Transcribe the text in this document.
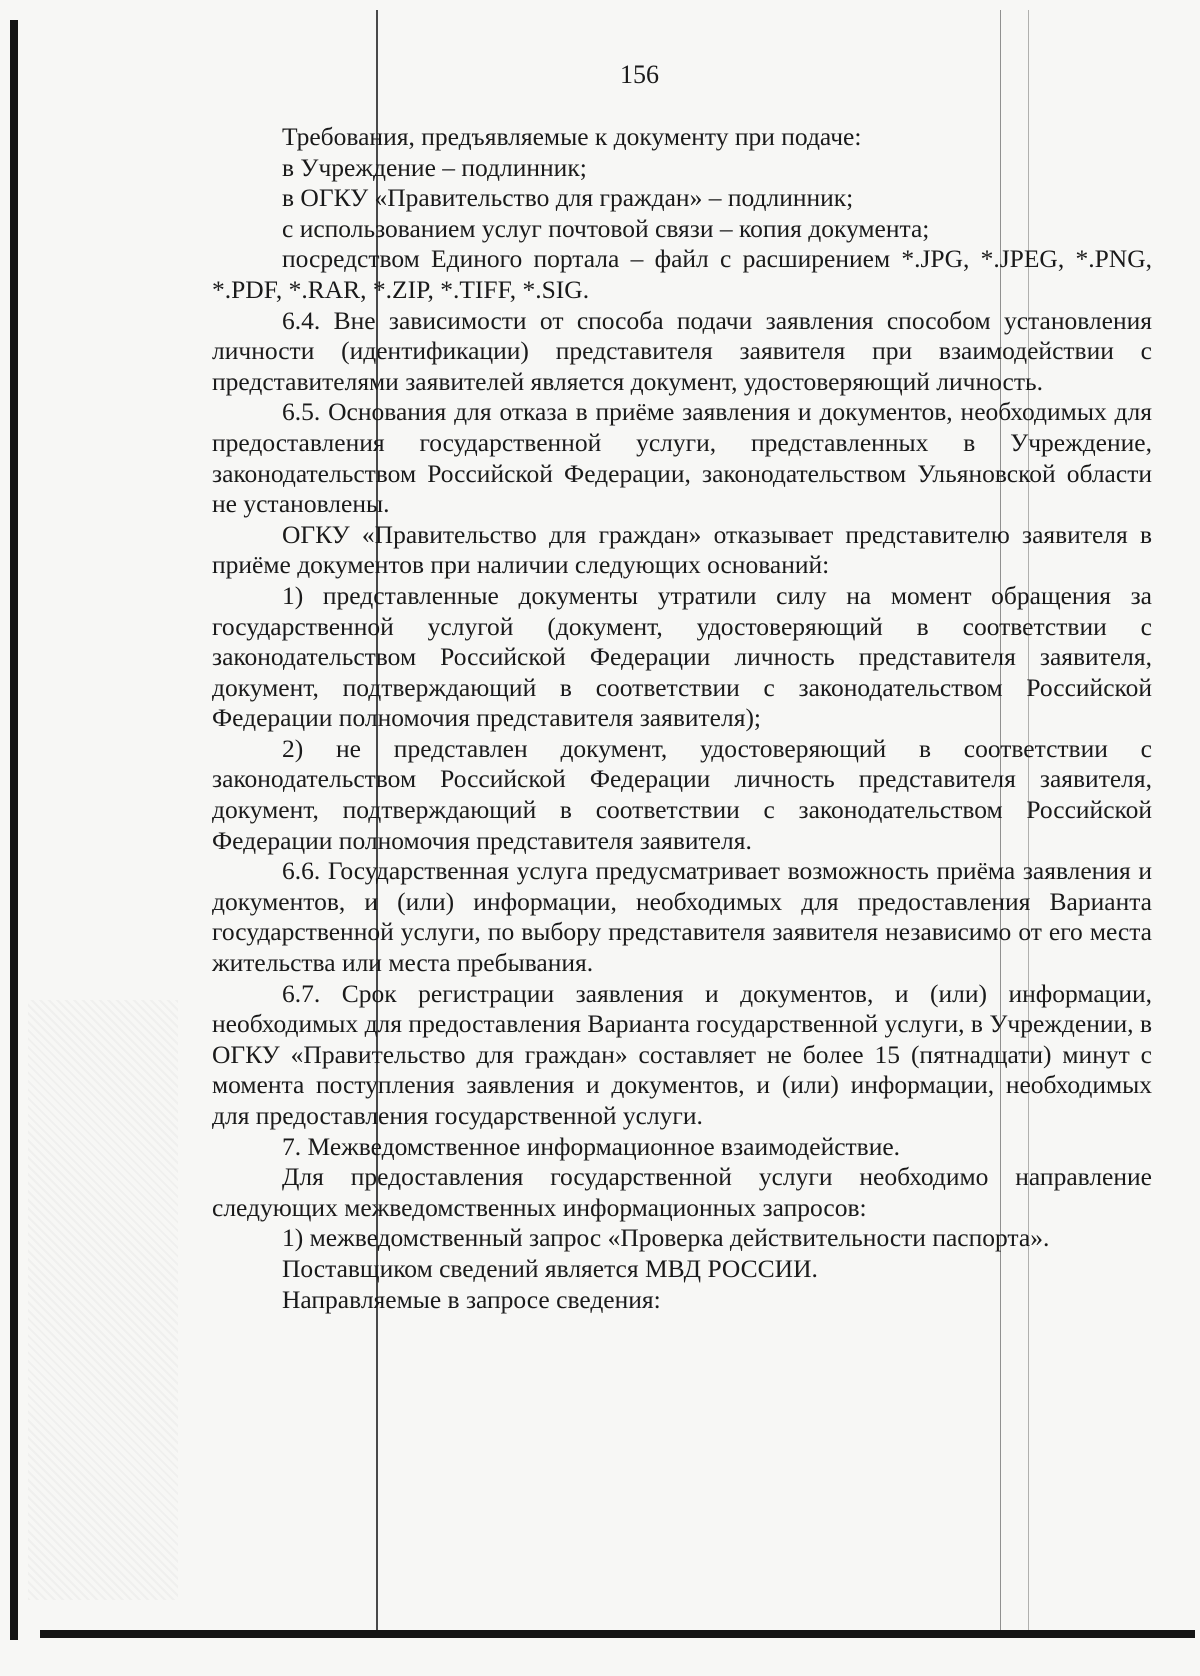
156

Требования, предъявляемые к документу при подаче:

в Учреждение – подлинник;

в ОГКУ «Правительство для граждан» – подлинник;

с использованием услуг почтовой связи – копия документа;

посредством Единого портала – файл с расширением *.JPG, *.JPEG, *.PNG, *.PDF, *.RAR, *.ZIP, *.TIFF, *.SIG.

6.4. Вне зависимости от способа подачи заявления способом установления личности (идентификации) представителя заявителя при взаимодействии с представителями заявителей является документ, удостоверяющий личность.

6.5. Основания для отказа в приёме заявления и документов, необходимых для предоставления государственной услуги, представленных в Учреждение, законодательством Российской Федерации, законодательством Ульяновской области не установлены.

ОГКУ «Правительство для граждан» отказывает представителю заявителя в приёме документов при наличии следующих оснований:

1) представленные документы утратили силу на момент обращения за государственной услугой (документ, удостоверяющий в соответствии с законодательством Российской Федерации личность представителя заявителя, документ, подтверждающий в соответствии с законодательством Российской Федерации полномочия представителя заявителя);

2) не представлен документ, удостоверяющий в соответствии с законодательством Российской Федерации личность представителя заявителя, документ, подтверждающий в соответствии с законодательством Российской Федерации полномочия представителя заявителя.

6.6. Государственная услуга предусматривает возможность приёма заявления и документов, и (или) информации, необходимых для предоставления Варианта государственной услуги, по выбору представителя заявителя независимо от его места жительства или места пребывания.

6.7. Срок регистрации заявления и документов, и (или) информации, необходимых для предоставления Варианта государственной услуги, в Учреждении, в ОГКУ «Правительство для граждан» составляет не более 15 (пятнадцати) минут с момента поступления заявления и документов, и (или) информации, необходимых для предоставления государственной услуги.

7. Межведомственное информационное взаимодействие.

Для предоставления государственной услуги необходимо направление следующих межведомственных информационных запросов:

1) межведомственный запрос «Проверка действительности паспорта».

Поставщиком сведений является МВД РОССИИ.

Направляемые в запросе сведения:
